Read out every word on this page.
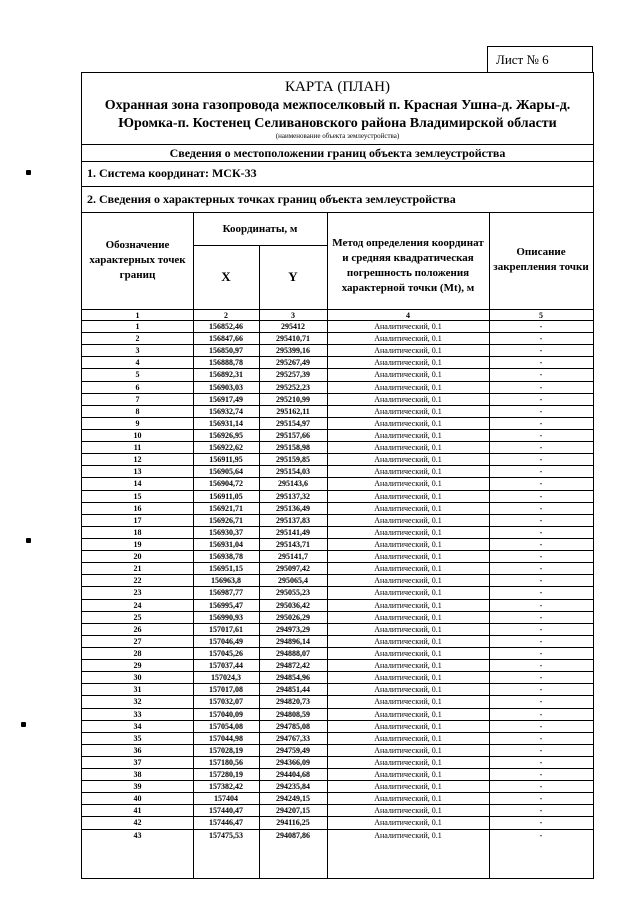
Лист № 6
КАРТА (ПЛАН)
Охранная зона газопровода межпоселковый п. Красная Ушна-д. Жары-д.
Юромка-п. Костенец Селивановского района Владимирской области
(наименование объекта землеустройства)
Сведения о местоположении границ объекта землеустройства
1. Система координат: МСК-33
2. Сведения о характерных точках границ объекта землеустройства
Обозначение характерных точек границ
Координаты, м
X	Y
Метод определения координат и средняя квадратическая погрешность положения характерной точки (Mt), м
Описание закрепления точки
1	2	3	4	5
1	156852,46	295412	Аналитический, 0.1	-
2	156847,66	295410,71	Аналитический, 0.1	-
3	156850,97	295399,16	Аналитический, 0.1	-
4	156888,78	295267,49	Аналитический, 0.1	-
5	156892,31	295257,39	Аналитический, 0.1	-
6	156903,03	295252,23	Аналитический, 0.1	-
7	156917,49	295210,99	Аналитический, 0.1	-
8	156932,74	295162,11	Аналитический, 0.1	-
9	156931,14	295154,97	Аналитический, 0.1	-
10	156926,95	295157,66	Аналитический, 0.1	-
11	156922,62	295158,98	Аналитический, 0.1	-
12	156911,95	295159,85	Аналитический, 0.1	-
13	156905,64	295154,03	Аналитический, 0.1	-
14	156904,72	295143,6	Аналитический, 0.1	-
15	156911,05	295137,32	Аналитический, 0.1	-
16	156921,71	295136,49	Аналитический, 0.1	-
17	156926,71	295137,83	Аналитический, 0.1	-
18	156930,37	295141,49	Аналитический, 0.1	-
19	156931,04	295143,71	Аналитический, 0.1	-
20	156938,78	295141,7	Аналитический, 0.1	-
21	156951,15	295097,42	Аналитический, 0.1	-
22	156963,8	295065,4	Аналитический, 0.1	-
23	156987,77	295055,23	Аналитический, 0.1	-
24	156995,47	295036,42	Аналитический, 0.1	-
25	156990,93	295026,29	Аналитический, 0.1	-
26	157017,61	294973,29	Аналитический, 0.1	-
27	157046,49	294896,14	Аналитический, 0.1	-
28	157045,26	294888,07	Аналитический, 0.1	-
29	157037,44	294872,42	Аналитический, 0.1	-
30	157024,3	294854,96	Аналитический, 0.1	-
31	157017,08	294851,44	Аналитический, 0.1	-
32	157032,07	294820,73	Аналитический, 0.1	-
33	157040,09	294808,59	Аналитический, 0.1	-
34	157054,08	294785,08	Аналитический, 0.1	-
35	157044,98	294767,33	Аналитический, 0.1	-
36	157028,19	294759,49	Аналитический, 0.1	-
37	157180,56	294366,09	Аналитический, 0.1	-
38	157280,19	294404,68	Аналитический, 0.1	-
39	157382,42	294235,84	Аналитический, 0.1	-
40	157404	294249,15	Аналитический, 0.1	-
41	157440,47	294207,15	Аналитический, 0.1	-
42	157446,47	294116,25	Аналитический, 0.1	-
43	157475,53	294087,86	Аналитический, 0.1	-
